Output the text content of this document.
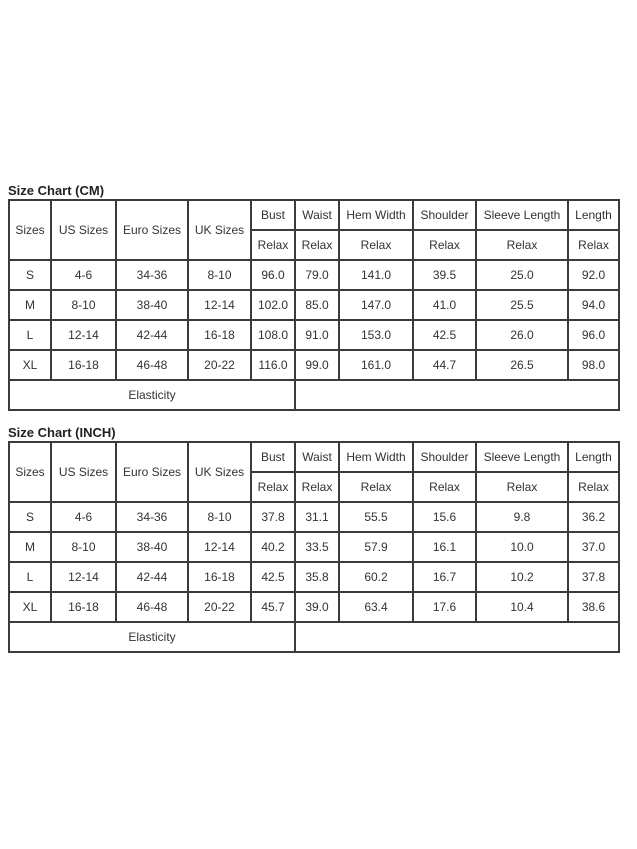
Size Chart (CM)
Sizes	US Sizes	Euro Sizes	UK Sizes	Bust	Waist	Hem Width	Shoulder	Sleeve Length	Length
				Relax	Relax	Relax	Relax	Relax	Relax
S	4-6	34-36	8-10	96.0	79.0	141.0	39.5	25.0	92.0
M	8-10	38-40	12-14	102.0	85.0	147.0	41.0	25.5	94.0
L	12-14	42-44	16-18	108.0	91.0	153.0	42.5	26.0	96.0
XL	16-18	46-48	20-22	116.0	99.0	161.0	44.7	26.5	98.0
Elasticity									
Size Chart (INCH)
Sizes	US Sizes	Euro Sizes	UK Sizes	Bust	Waist	Hem Width	Shoulder	Sleeve Length	Length
				Relax	Relax	Relax	Relax	Relax	Relax
S	4-6	34-36	8-10	37.8	31.1	55.5	15.6	9.8	36.2
M	8-10	38-40	12-14	40.2	33.5	57.9	16.1	10.0	37.0
L	12-14	42-44	16-18	42.5	35.8	60.2	16.7	10.2	37.8
XL	16-18	46-48	20-22	45.7	39.0	63.4	17.6	10.4	38.6
Elasticity									
